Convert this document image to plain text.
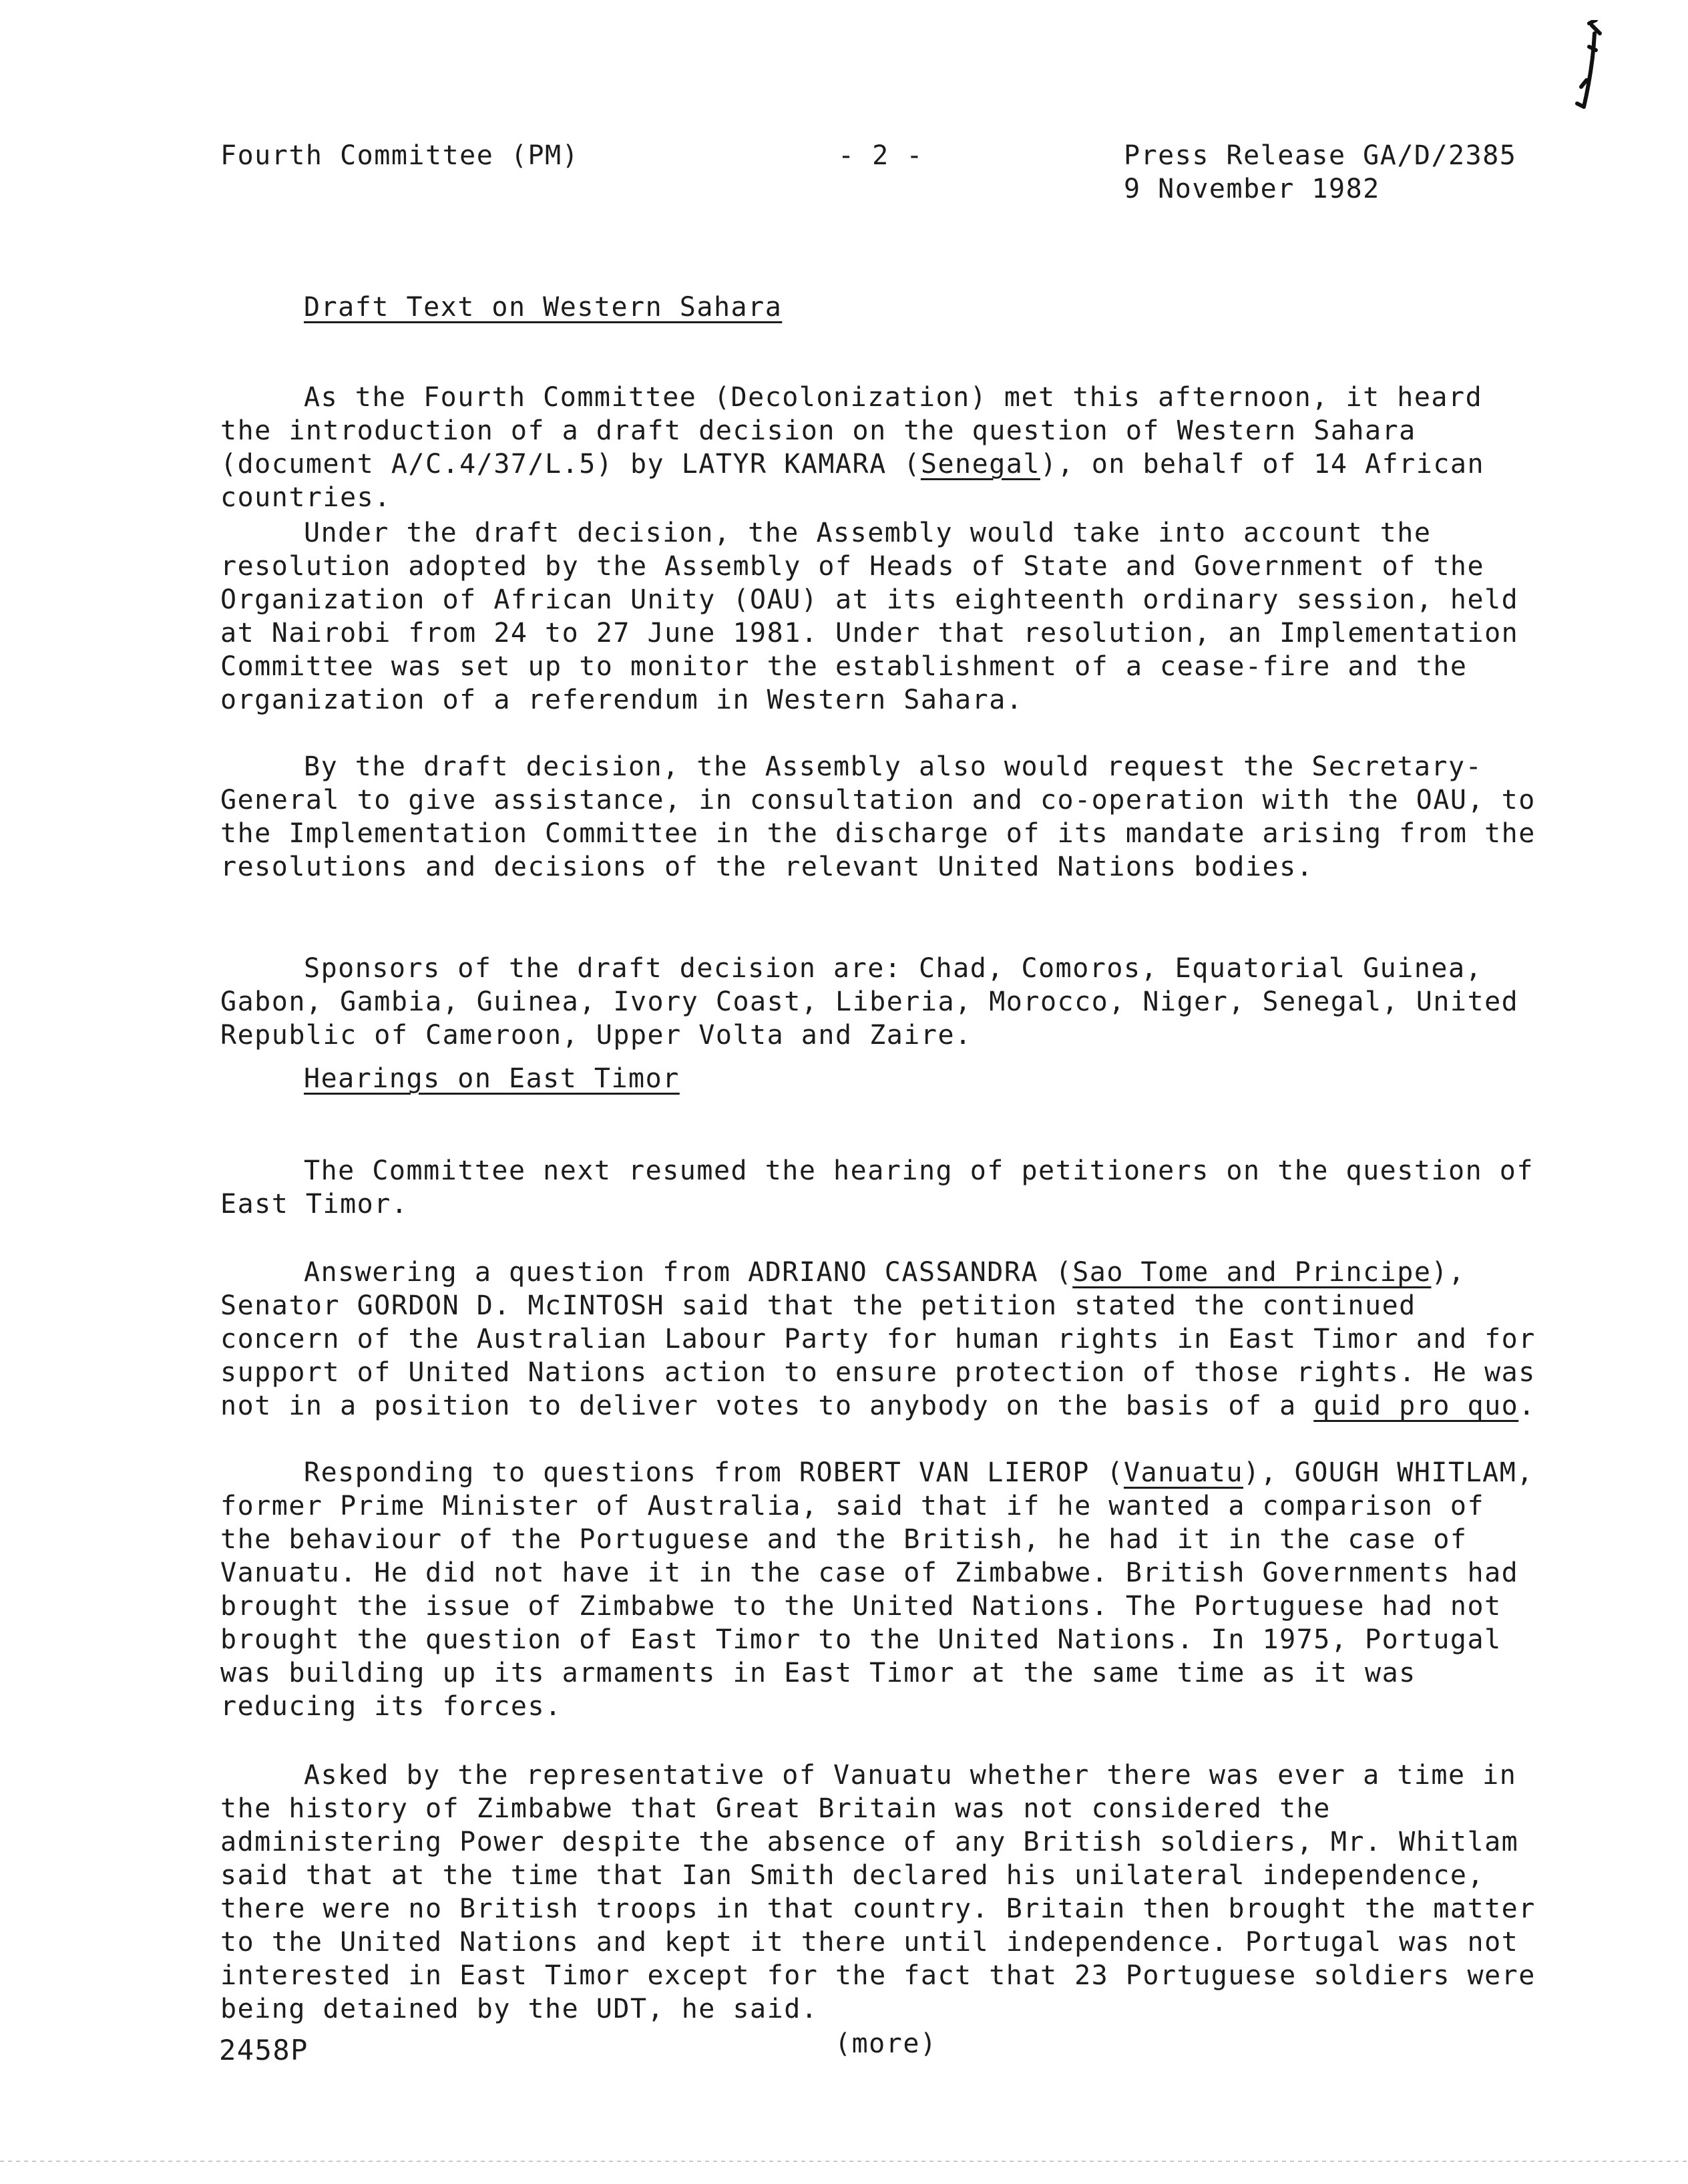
Fourth Committee (PM)	- 2 -	Press Release GA/D/2385
9 November 1982
Draft Text on Western Sahara

As the Fourth Committee (Decolonization) met this afternoon, it heard the introduction of a draft decision on the question of Western Sahara (document A/C.4/37/L.5) by LATYR KAMARA (Senegal), on behalf of 14 African countries.

Under the draft decision, the Assembly would take into account the resolution adopted by the Assembly of Heads of State and Government of the Organization of African Unity (OAU) at its eighteenth ordinary session, held at Nairobi from 24 to 27 June 1981. Under that resolution, an Implementation Committee was set up to monitor the establishment of a cease-fire and the organization of a referendum in Western Sahara.

By the draft decision, the Assembly also would request the Secretary-General to give assistance, in consultation and co-operation with the OAU, to the Implementation Committee in the discharge of its mandate arising from the resolutions and decisions of the relevant United Nations bodies.

Sponsors of the draft decision are: Chad, Comoros, Equatorial Guinea, Gabon, Gambia, Guinea, Ivory Coast, Liberia, Morocco, Niger, Senegal, United Republic of Cameroon, Upper Volta and Zaire.

Hearings on East Timor

The Committee next resumed the hearing of petitioners on the question of East Timor.

Answering a question from ADRIANO CASSANDRA (Sao Tome and Principe), Senator GORDON D. McINTOSH said that the petition stated the continued concern of the Australian Labour Party for human rights in East Timor and for support of United Nations action to ensure protection of those rights. He was not in a position to deliver votes to anybody on the basis of a quid pro quo.

Responding to questions from ROBERT VAN LIEROP (Vanuatu), GOUGH WHITLAM, former Prime Minister of Australia, said that if he wanted a comparison of the behaviour of the Portuguese and the British, he had it in the case of Vanuatu. He did not have it in the case of Zimbabwe. British Governments had brought the issue of Zimbabwe to the United Nations. The Portuguese had not brought the question of East Timor to the United Nations. In 1975, Portugal was building up its armaments in East Timor at the same time as it was reducing its forces.

Asked by the representative of Vanuatu whether there was ever a time in the history of Zimbabwe that Great Britain was not considered the administering Power despite the absence of any British soldiers, Mr. Whitlam said that at the time that Ian Smith declared his unilateral independence, there were no British troops in that country. Britain then brought the matter to the United Nations and kept it there until independence. Portugal was not interested in East Timor except for the fact that 23 Portuguese soldiers were being detained by the UDT, he said.

(more)
2458P
